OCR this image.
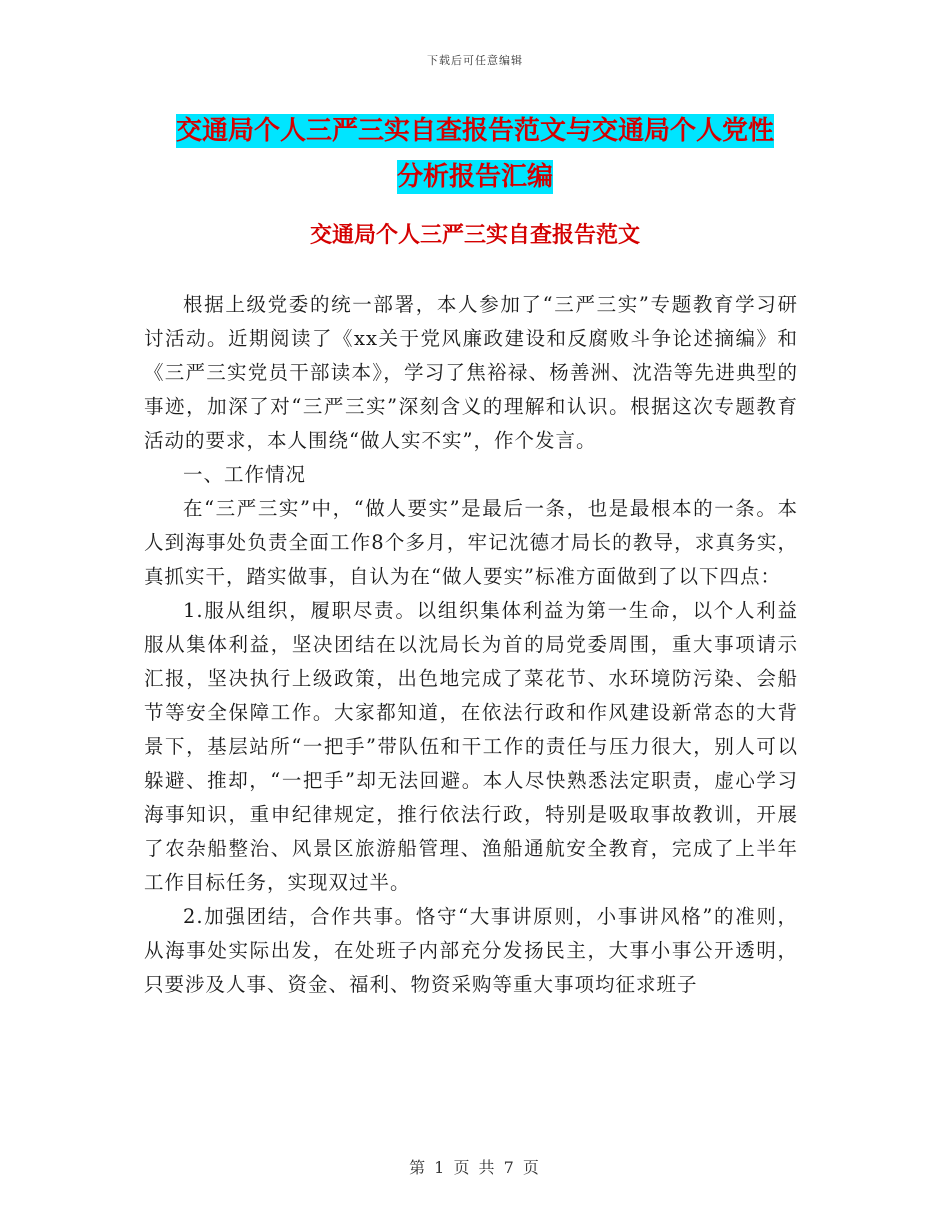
下载后可任意编辑
交通局个人三严三实自查报告范文与交通局个人党性
分析报告汇编
交通局个人三严三实自查报告范文

根据上级党委的统一部署，本人参加了“三严三实”专题教育学习研讨活动。近期阅读了《xx关于党风廉政建设和反腐败斗争论述摘编》和《三严三实党员干部读本》，学习了焦裕禄、杨善洲、沈浩等先进典型的事迹，加深了对“三严三实”深刻含义的理解和认识。根据这次专题教育活动的要求，本人围绕“做人实不实”，作个发言。

一、工作情况

在“三严三实”中，“做人要实”是最后一条，也是最根本的一条。本人到海事处负责全面工作8个多月，牢记沈德才局长的教导，求真务实，真抓实干，踏实做事，自认为在“做人要实”标准方面做到了以下四点：

1.服从组织，履职尽责。以组织集体利益为第一生命，以个人利益服从集体利益，坚决团结在以沈局长为首的局党委周围，重大事项请示汇报，坚决执行上级政策，出色地完成了菜花节、水环境防污染、会船节等安全保障工作。大家都知道，在依法行政和作风建设新常态的大背景下，基层站所“一把手”带队伍和干工作的责任与压力很大，别人可以躲避、推却，“一把手”却无法回避。本人尽快熟悉法定职责，虚心学习海事知识，重申纪律规定，推行依法行政，特别是吸取事故教训，开展了农杂船整治、风景区旅游船管理、渔船通航安全教育，完成了上半年工作目标任务，实现双过半。

2.加强团结，合作共事。恪守“大事讲原则，小事讲风格”的准则，从海事处实际出发，在处班子内部充分发扬民主，大事小事公开透明，只要涉及人事、资金、福利、物资采购等重大事项均征求班子

第 1 页 共 7 页
